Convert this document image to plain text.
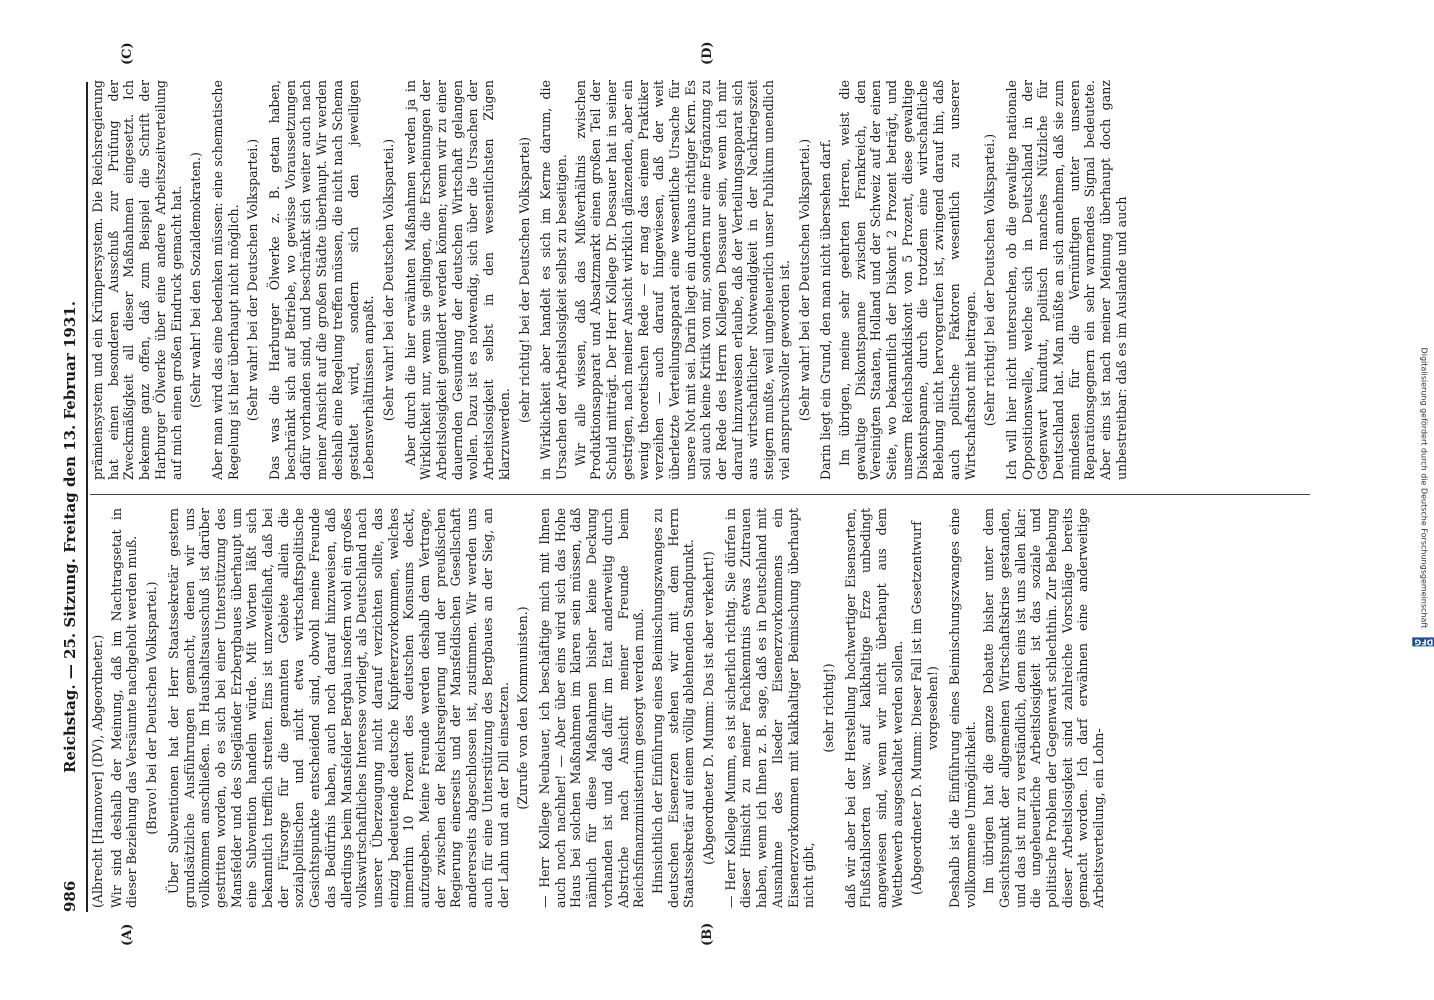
986
Reichstag. — 25. Sitzung. Freitag den 13. Februar 1931.
(A)	(B)
(C)	(D)

(Albrecht [Hannover] (DV), Abgeordneter.) Wir sind deshalb der Meinung, daß im Nachtragsetat in dieser Beziehung das Versäumte nachgeholt werden muß. (Bravo! bei der Deutschen Volkspartei.) Über Subventionen hat der Herr Staatssekretär gestern grundsätzliche Ausführungen gemacht, denen wir uns vollkommen anschließen. Im Haushaltsausschuß ist darüber gestritten worden, ob es sich bei einer Unterstützung des Mansfelder und des Siegländer Erzbergbaues überhaupt um eine Subvention handeln würde. Mit Worten läßt sich bekanntlich trefflich streiten. Eins ist unzweifelhaft, daß bei der Fürsorge für die genannten Gebiete allein die sozialpolitischen und nicht etwa wirtschaftspolitische Gesichtspunkte entscheidend sind, obwohl meine Freunde das Bedürfnis haben, auch noch darauf hinzuweisen, daß allerdings beim Mansfelder Bergbau insofern wohl ein großes volkswirtschaftliches Interesse vorliegt, als Deutschland nach unserer Überzeugung nicht darauf verzichten sollte, das einzig bedeutende deutsche Kupfererzvorkommen, welches immerhin 10 Prozent des deutschen Konsums deckt, aufzugeben. Meine Freunde werden deshalb dem Vertrage, der zwischen der Reichsregierung und der preußischen Regierung einerseits und der Mansfeldischen Gesellschaft andererseits abgeschlossen ist, zustimmen. Wir werden uns auch für eine Unterstützung des Bergbaues an der Sieg, an der Lahn und an der Dill einsetzen. (Zurufe von den Kommunisten.) — Herr Kollege Neubauer, ich beschäftige mich mit Ihnen auch noch nachher! — Aber über eins wird sich das Hohe Haus bei solchen Maßnahmen im klaren sein müssen, daß nämlich für diese Maßnahmen bisher keine Deckung vorhanden ist und daß dafür im Etat anderweitig durch Abstriche nach Ansicht meiner Freunde beim Reichsfinanzministerium gesorgt werden muß. Hinsichtlich der Einführung eines Beimischungszwanges zu deutschen Eisenerzen stehen wir mit dem Herrn Staatssekretär auf einem völlig ablehnenden Standpunkt. (Abgeordneter D. Mumm: Das ist aber verkehrt!) — Herr Kollege Mumm, es ist sicherlich richtig. Sie dürfen in dieser Hinsicht zu meiner Fachkenntnis etwas Zutrauen haben, wenn ich Ihnen z. B. sage, daß es in Deutschland mit Ausnahme des Ilseder Eisenerzvorkommens ein Eisenerzvorkommen mit kalkhaltiger Beimischung überhaupt nicht gibt,

(sehr richtig!) daß wir aber bei der Herstellung hochwertiger Eisensorten, Flußstahlsorten usw. auf kalkhaltige Erze unbedingt angewiesen sind, wenn wir nicht überhaupt aus dem Wettbewerb ausgeschaltet werden sollen. (Abgeordneter D. Mumm: Dieser Fall ist im Gesetzentwurf vorgesehen!) Deshalb ist die Einführung eines Beimischungszwanges eine vollkommene Unmöglichkeit. Im übrigen hat die ganze Debatte bisher unter dem Gesichtspunkt der allgemeinen Wirtschaftskrise gestanden, und das ist nur zu verständlich, denn eins ist uns allen klar: die ungeheuerliche Arbeitslosigkeit ist das soziale und politische Problem der Gegenwart schlechthin. Zur Behebung dieser Arbeitslosigkeit sind zahlreiche Vorschläge bereits gemacht worden. Ich darf erwähnen eine anderweitige Arbeitsverteilung, ein Lohn-

prämiensystem und ein Krümpersystem. Die Reichsregierung hat einen besonderen Ausschuß zur Prüfung der Zweckmäßigkeit all dieser Maßnahmen eingesetzt. Ich bekenne ganz offen, daß zum Beispiel die Schrift der Harburger Ölwerke über eine andere Arbeitszeitverteilung auf mich einen großen Eindruck gemacht hat. (Sehr wahr! bei den Sozialdemokraten.) Aber man wird das eine bedenken müssen: eine schematische Regelung ist hier überhaupt nicht möglich. (Sehr wahr! bei der Deutschen Volkspartei.) Das was die Harburger Ölwerke z. B. getan haben, beschränkt sich auf Betriebe, wo gewisse Voraussetzungen dafür vorhanden sind, und beschränkt sich weiter auch nach meiner Ansicht auf die großen Städte überhaupt. Wir werden deshalb eine Regelung treffen müssen, die nicht nach Schema gestaltet wird, sondern sich den jeweiligen Lebensverhältnissen anpaßt. (Sehr wahr! bei der Deutschen Volkspartei.) Aber durch die hier erwähnten Maßnahmen werden ja in Wirklichkeit nur, wenn sie gelingen, die Erscheinungen der Arbeitslosigkeit gemildert werden können; wenn wir zu einer dauernden Gesundung der deutschen Wirtschaft gelangen wollen. Dazu ist es notwendig, sich über die Ursachen der Arbeitslosigkeit selbst in den wesentlichsten Zügen klarzuwerden.

(sehr richtig! bei der Deutschen Volkspartei) in Wirklichkeit aber handelt es sich im Kerne darum, die Ursachen der Arbeitslosigkeit selbst zu beseitigen. Wir alle wissen, daß das Mißverhältnis zwischen Produktionsapparat und Absatzmarkt einen großen Teil der Schuld mitträgt. Der Herr Kollege Dr. Dessauer hat in seiner gestrigen, nach meiner Ansicht wirklich glänzenden, aber ein wenig theoretischen Rede — er mag das einem Praktiker verzeihen — auch darauf hingewiesen, daß der weit überletzte Verteilungsapparat eine wesentliche Ursache für unsere Not mit sei. Darin liegt ein durchaus richtiger Kern. Es soll auch keine Kritik von mir, sondern nur eine Ergänzung zu der Rede des Herrn Kollegen Dessauer sein, wenn ich mir darauf hinzuweisen erlaube, daß der Verteilungsapparat sich aus wirtschaftlicher Notwendigkeit in der Nachkriegszeit steigern mußte, weil ungeheuerlich unser Publikum unendlich viel anspruchsvoller geworden ist. (Sehr wahr! bei der Deutschen Volkspartei.) Darin liegt ein Grund, den man nicht übersehen darf. Im übrigen, meine sehr geehrten Herren, weist die gewaltige Diskontspanne zwischen Frankreich, den Vereinigten Staaten, Holland und der Schweiz auf der einen Seite, wo bekanntlich der Diskont 2 Prozent beträgt, und unserm Reichsbankdiskont von 5 Prozent, diese gewaltige Diskontspanne, durch die trotzdem eine wirtschaftliche Belebung nicht hervorgerufen ist, zwingend darauf hin, daß auch politische Faktoren wesentlich zu unserer Wirtschaftsnot mit beitragen. (Sehr richtig! bei der Deutschen Volkspartei.) Ich will hier nicht untersuchen, ob die gewaltige nationale Oppositionswelle, welche sich in Deutschland in der Gegenwart kundtut, politisch manches Nützliche für Deutschland hat. Man müßte an sich annehmen, daß sie zum mindesten für die Vernünftigen unter unseren Reparationsgegnern ein sehr warnendes Signal bedeutete. Aber eins ist nach meiner Meinung überhaupt doch ganz unbestreitbar: daß es im Auslande und auch

Digitalisierung gefördert durch die Deutsche Forschungsgemeinschaft DFG
